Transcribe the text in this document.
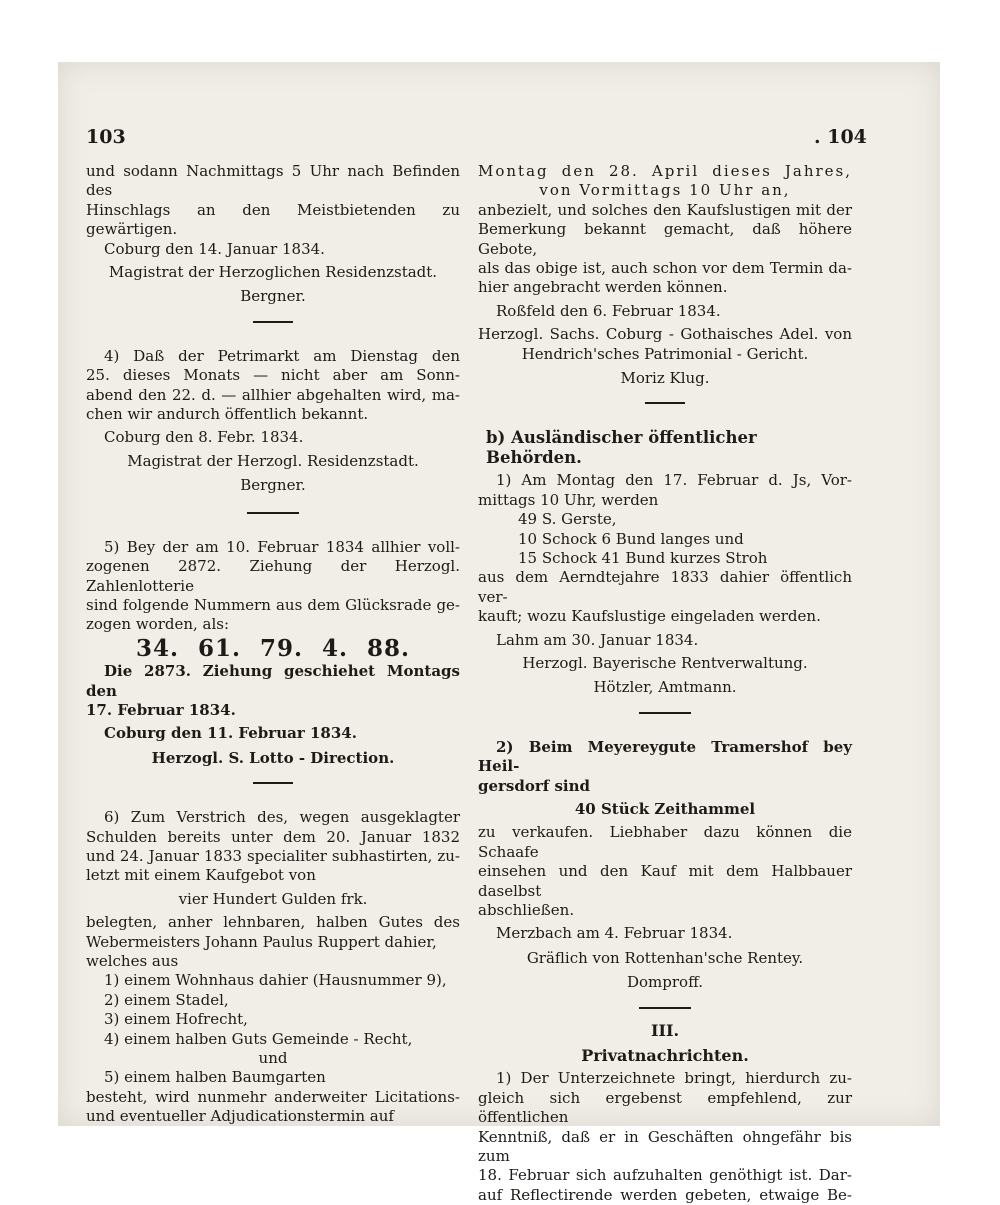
103	. 104

und sodann Nachmittags 5 Uhr nach Befinden des

Hinschlags an den Meistbietenden zu gewärtigen.

Coburg den 14. Januar 1834.

Magistrat der Herzoglichen Residenzstadt.

Bergner.

4) Daß der Petrimarkt am Dienstag den

25. dieses Monats — nicht aber am Sonn-

abend den 22. d. — allhier abgehalten wird, ma-

chen wir andurch öffentlich bekannt.

Coburg den 8. Febr. 1834.

Magistrat der Herzogl. Residenzstadt.

Bergner.

5) Bey der am 10. Februar 1834 allhier voll-

zogenen 2872. Ziehung der Herzogl. Zahlenlotterie

sind folgende Nummern aus dem Glücksrade ge-

zogen worden, als:

34. 61. 79. 4. 88.

Die 2873. Ziehung geschiehet Montags den

17. Februar 1834.

Coburg den 11. Februar 1834.

Herzogl. S. Lotto - Direction.

6) Zum Verstrich des, wegen ausgeklagter

Schulden bereits unter dem 20. Januar 1832

und 24. Januar 1833 specialiter subhastirten, zu-

letzt mit einem Kaufgebot von

vier Hundert Gulden frk.

belegten, anher lehnbaren, halben Gutes des

Webermeisters Johann Paulus Ruppert dahier,

welches aus

1) einem Wohnhaus dahier (Hausnummer 9),

2) einem Stadel,

3) einem Hofrecht,

4) einem halben Guts Gemeinde - Recht,

und

5) einem halben Baumgarten

besteht, wird nunmehr anderweiter Licitations-

und eventueller Adjudicationstermin auf

Montag den 28. April dieses Jahres,

von Vormittags 10 Uhr an,

anbezielt, und solches den Kaufslustigen mit der

Bemerkung bekannt gemacht, daß höhere Gebote,

als das obige ist, auch schon vor dem Termin da-

hier angebracht werden können.

Roßfeld den 6. Februar 1834.

Herzogl. Sachs. Coburg - Gothaisches Adel. von

Hendrich'sches Patrimonial - Gericht.

Moriz Klug.

b) Ausländischer öffentlicher Behörden.

1) Am Montag den 17. Februar d. Js, Vor-

mittags 10 Uhr, werden

49 S. Gerste,

10 Schock 6 Bund langes und

15 Schock 41 Bund kurzes Stroh

aus dem Aerndtejahre 1833 dahier öffentlich ver-

kauft; wozu Kaufslustige eingeladen werden.

Lahm am 30. Januar 1834.

Herzogl. Bayerische Rentverwaltung.

Hötzler, Amtmann.

2) Beim Meyereygute Tramershof bey Heil-

gersdorf sind

40 Stück Zeithammel

zu verkaufen. Liebhaber dazu können die Schaafe

einsehen und den Kauf mit dem Halbbauer daselbst

abschließen.

Merzbach am 4. Februar 1834.

Gräflich von Rottenhan'sche Rentey.

Domproff.

III.

Privatnachrichten.

1) Der Unterzeichnete bringt, hierdurch zu-

gleich sich ergebenst empfehlend, zur öffentlichen

Kenntniß, daß er in Geschäften ohngefähr bis zum

18. Februar sich aufzuhalten genöthigt ist. Dar-

auf Reflectirende werden gebeten, etwaige Be-
